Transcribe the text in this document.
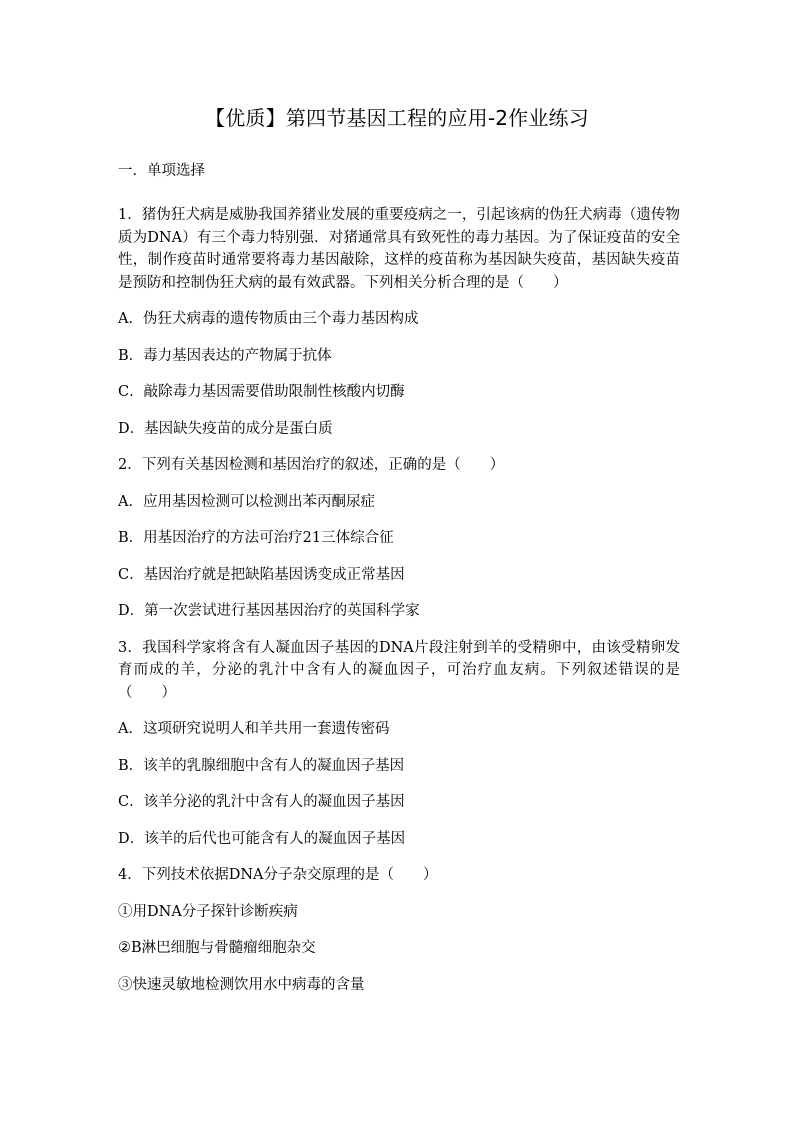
【优质】第四节基因工程的应用-2作业练习
一．单项选择

1．猪伪狂犬病是威胁我国养猪业发展的重要疫病之一，引起该病的伪狂犬病毒（遗传物质为DNA）有三个毒力特别强．对猪通常具有致死性的毒力基因。为了保证疫苗的安全性，制作疫苗时通常要将毒力基因敲除，这样的疫苗称为基因缺失疫苗，基因缺失疫苗是预防和控制伪狂犬病的最有效武器。下列相关分析合理的是（　　）

A．伪狂犬病毒的遗传物质由三个毒力基因构成

B．毒力基因表达的产物属于抗体

C．敲除毒力基因需要借助限制性核酸内切酶

D．基因缺失疫苗的成分是蛋白质

2．下列有关基因检测和基因治疗的叙述，正确的是（　　）

A．应用基因检测可以检测出苯丙酮尿症

B．用基因治疗的方法可治疗21三体综合征

C．基因治疗就是把缺陷基因诱变成正常基因

D．第一次尝试进行基因基因治疗的英国科学家

3．我国科学家将含有人凝血因子基因的DNA片段注射到羊的受精卵中，由该受精卵发育而成的羊，分泌的乳汁中含有人的凝血因子，可治疗血友病。下列叙述错误的是（　　）

A．这项研究说明人和羊共用一套遗传密码

B．该羊的乳腺细胞中含有人的凝血因子基因

C．该羊分泌的乳汁中含有人的凝血因子基因

D．该羊的后代也可能含有人的凝血因子基因

4．下列技术依据DNA分子杂交原理的是（　　）

①用DNA分子探针诊断疾病

②B淋巴细胞与骨髓瘤细胞杂交

③快速灵敏地检测饮用水中病毒的含量
